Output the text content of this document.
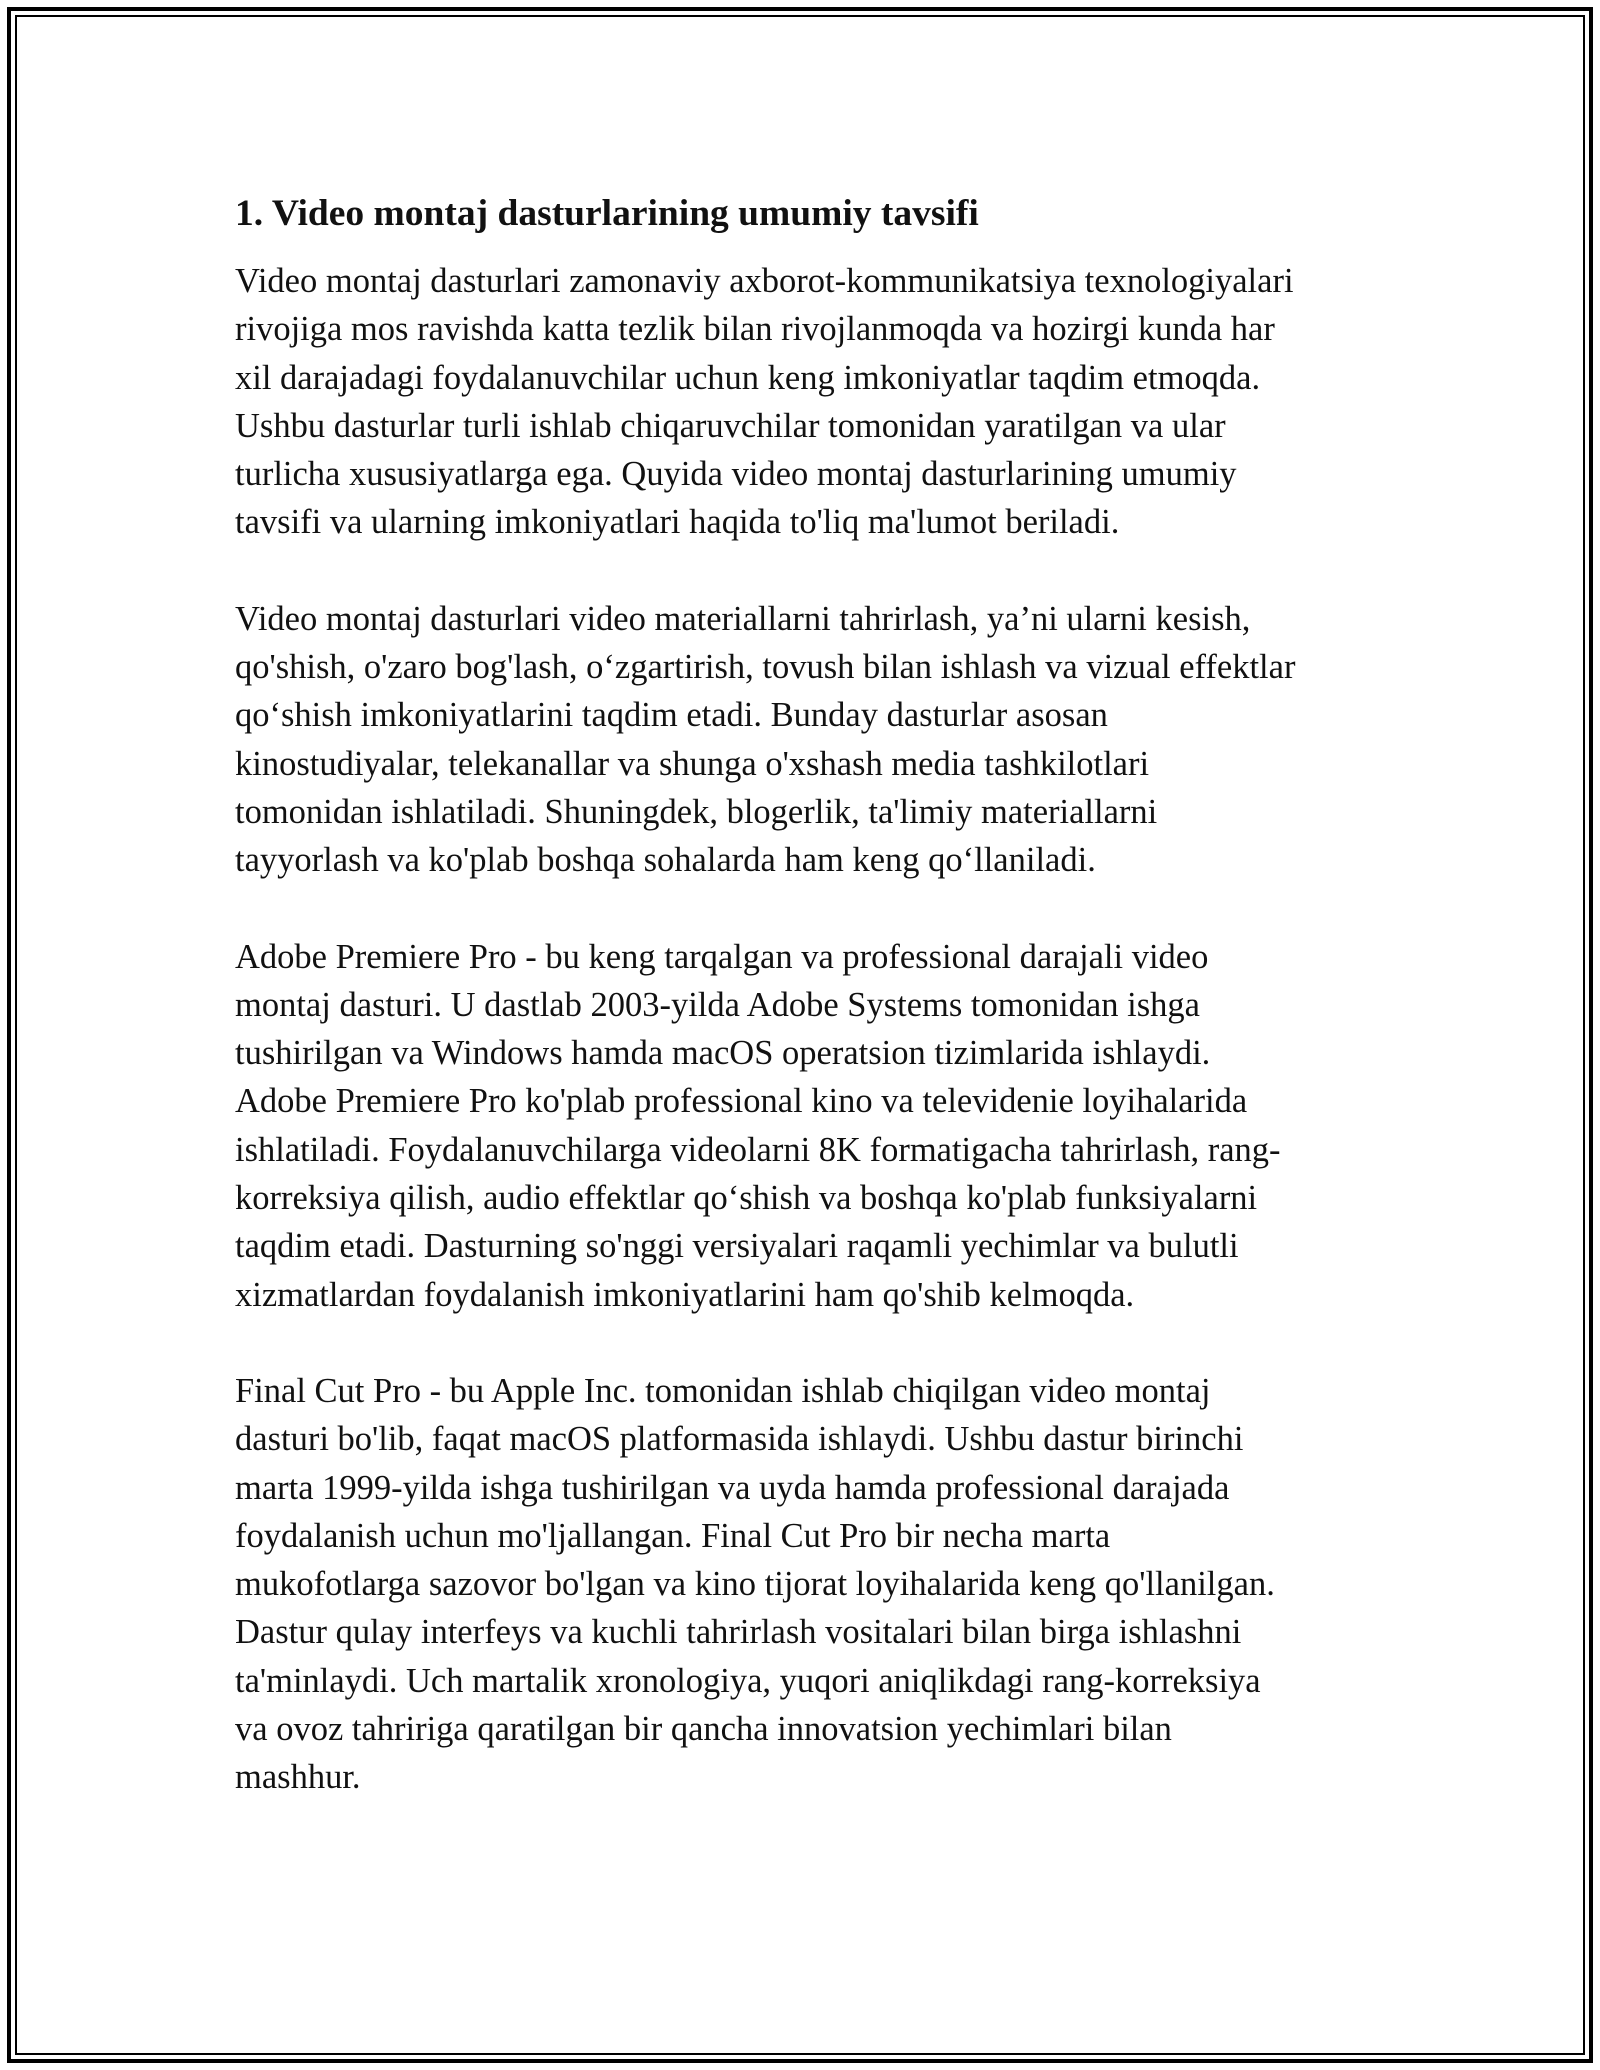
1. Video montaj dasturlarining umumiy tavsifi

Video montaj dasturlari zamonaviy axborot-kommunikatsiya texnologiyalari
rivojiga mos ravishda katta tezlik bilan rivojlanmoqda va hozirgi kunda har
xil darajadagi foydalanuvchilar uchun keng imkoniyatlar taqdim etmoqda.
Ushbu dasturlar turli ishlab chiqaruvchilar tomonidan yaratilgan va ular
turlicha xususiyatlarga ega. Quyida video montaj dasturlarining umumiy
tavsifi va ularning imkoniyatlari haqida to'liq ma'lumot beriladi.

Video montaj dasturlari video materiallarni tahrirlash, ya’ni ularni kesish,
qo'shish, o'zaro bog'lash, o‘zgartirish, tovush bilan ishlash va vizual effektlar
qo‘shish imkoniyatlarini taqdim etadi. Bunday dasturlar asosan
kinostudiyalar, telekanallar va shunga o'xshash media tashkilotlari
tomonidan ishlatiladi. Shuningdek, blogerlik, ta'limiy materiallarni
tayyorlash va ko'plab boshqa sohalarda ham keng qo‘llaniladi.

Adobe Premiere Pro - bu keng tarqalgan va professional darajali video
montaj dasturi. U dastlab 2003-yilda Adobe Systems tomonidan ishga
tushirilgan va Windows hamda macOS operatsion tizimlarida ishlaydi.
Adobe Premiere Pro ko'plab professional kino va televidenie loyihalarida
ishlatiladi. Foydalanuvchilarga videolarni 8K formatigacha tahrirlash, rang-
korreksiya qilish, audio effektlar qo‘shish va boshqa ko'plab funksiyalarni
taqdim etadi. Dasturning so'nggi versiyalari raqamli yechimlar va bulutli
xizmatlardan foydalanish imkoniyatlarini ham qo'shib kelmoqda.

Final Cut Pro - bu Apple Inc. tomonidan ishlab chiqilgan video montaj
dasturi bo'lib, faqat macOS platformasida ishlaydi. Ushbu dastur birinchi
marta 1999-yilda ishga tushirilgan va uyda hamda professional darajada
foydalanish uchun mo'ljallangan. Final Cut Pro bir necha marta
mukofotlarga sazovor bo'lgan va kino tijorat loyihalarida keng qo'llanilgan.
Dastur qulay interfeys va kuchli tahrirlash vositalari bilan birga ishlashni
ta'minlaydi. Uch martalik xronologiya, yuqori aniqlikdagi rang-korreksiya
va ovoz tahririga qaratilgan bir qancha innovatsion yechimlari bilan
mashhur.
